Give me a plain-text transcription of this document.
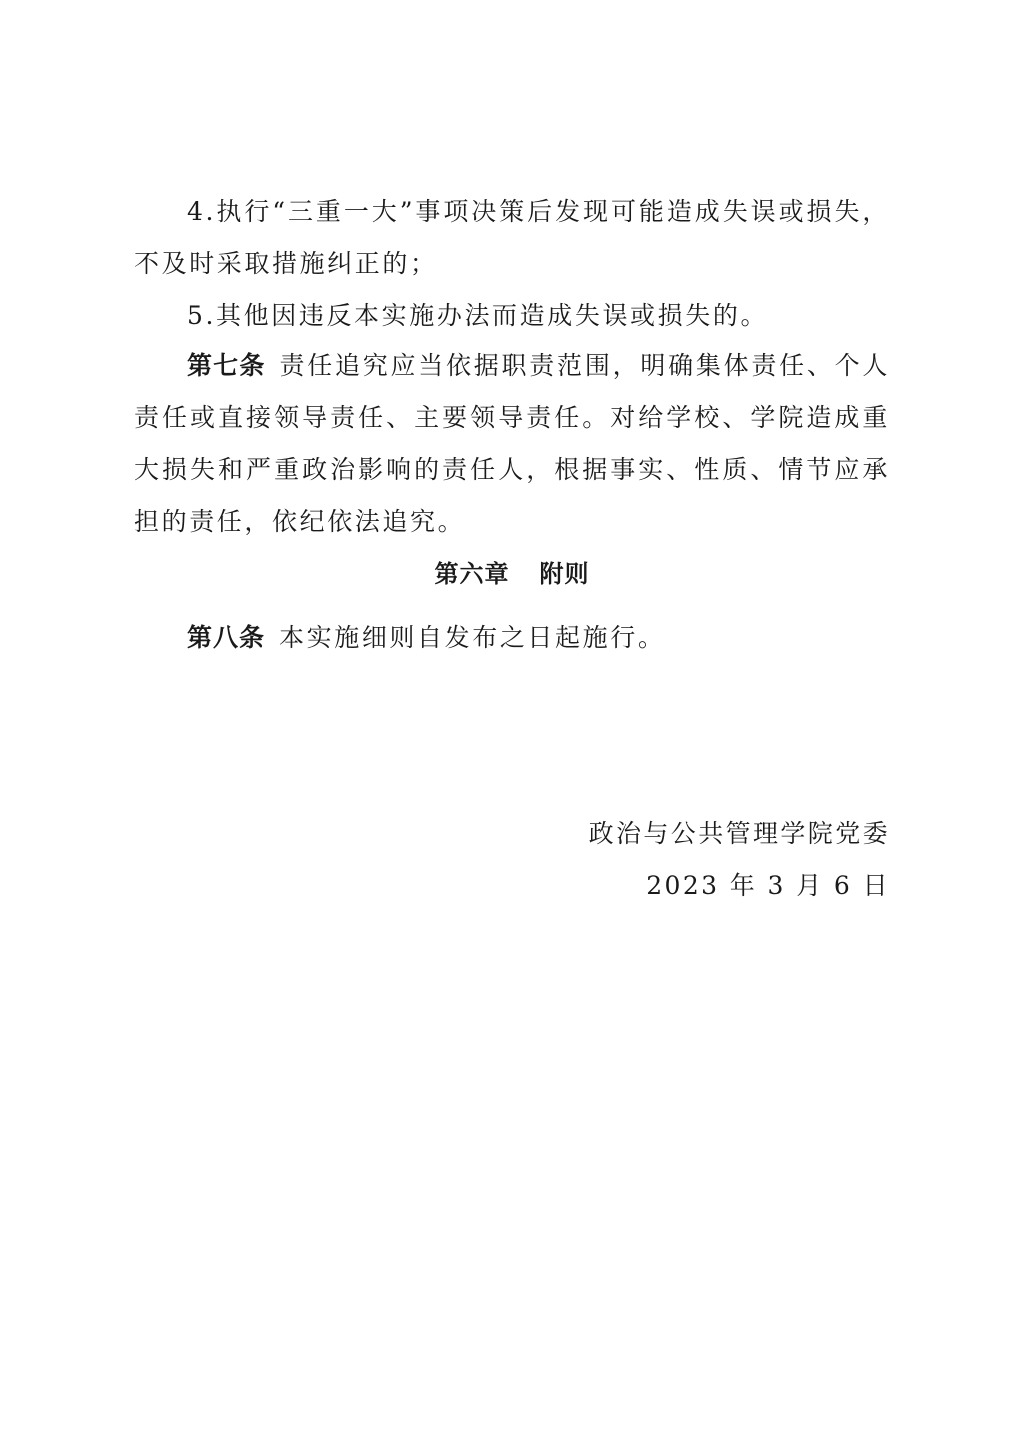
4.执行“三重一大”事项决策后发现可能造成失误或损失，不及时采取措施纠正的；

5.其他因违反本实施办法而造成失误或损失的。

第七条 责任追究应当依据职责范围，明确集体责任、个人责任或直接领导责任、主要领导责任。对给学校、学院造成重大损失和严重政治影响的责任人，根据事实、性质、情节应承担的责任，依纪依法追究。

第六章 附则

第八条 本实施细则自发布之日起施行。

政治与公共管理学院党委
2023 年 3 月 6 日
